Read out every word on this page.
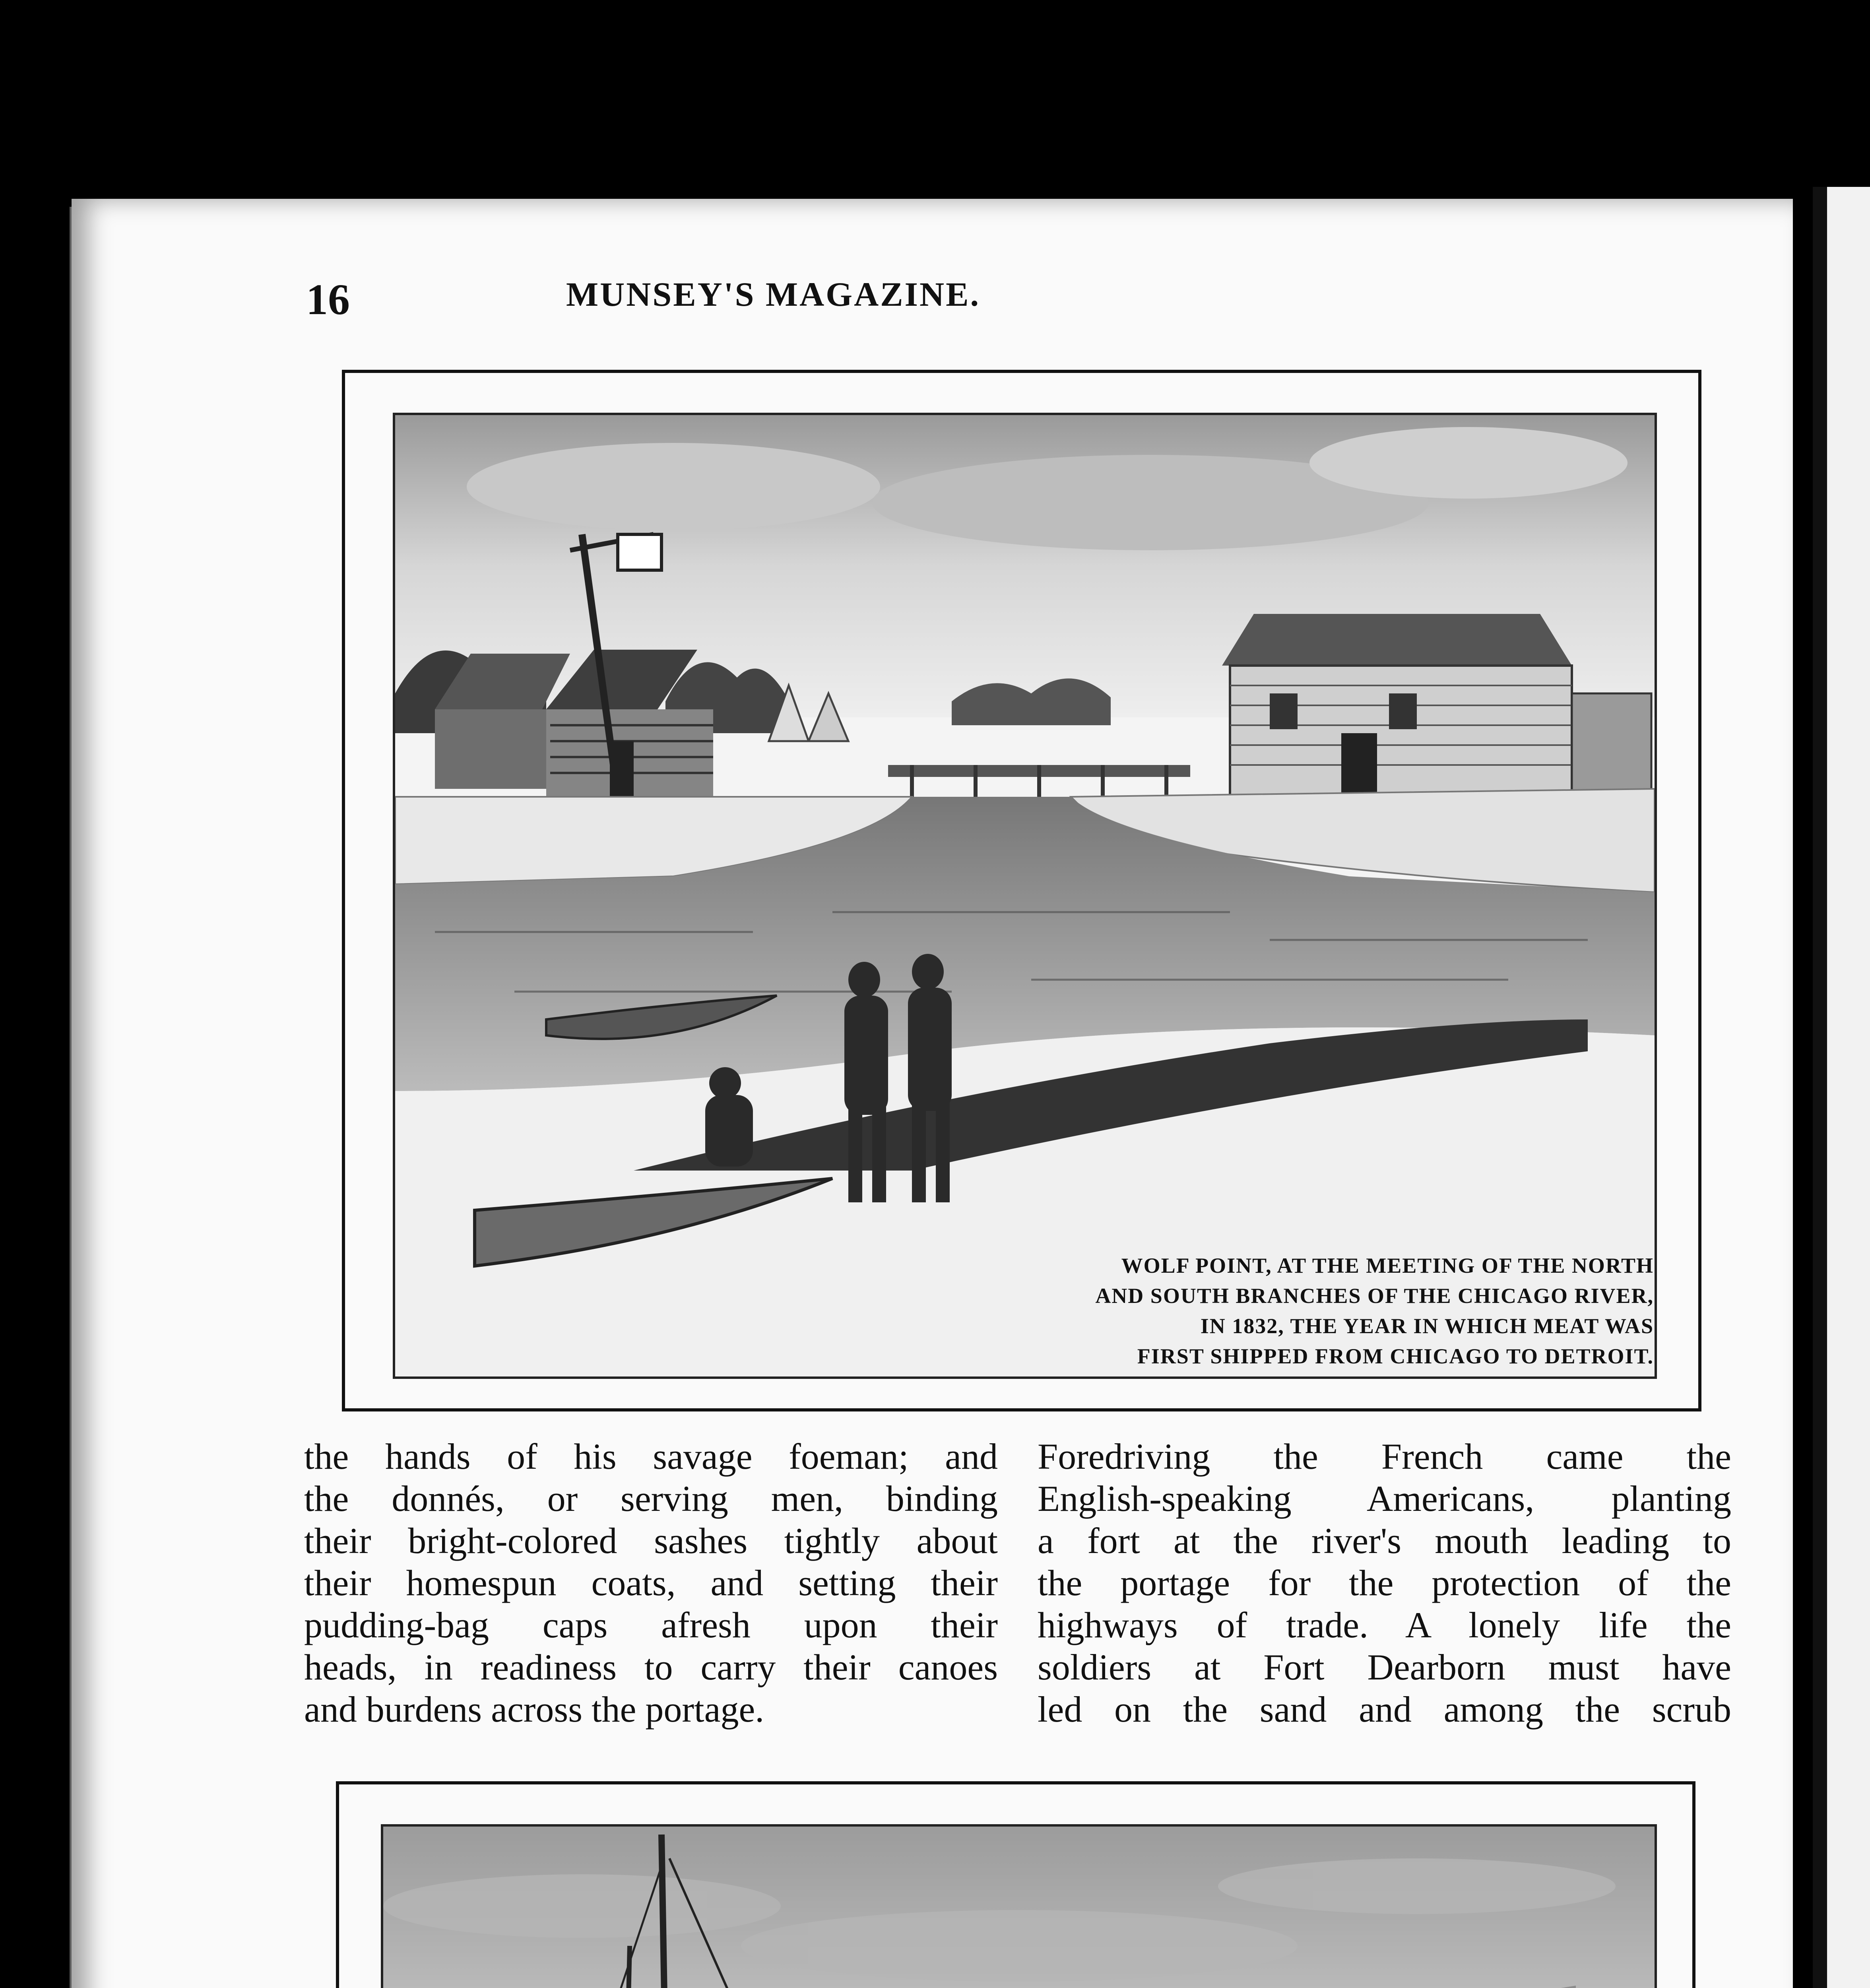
16	MUNSEY'S MAGAZINE.
WOLF POINT, AT THE MEETING OF THE NORTH
AND SOUTH BRANCHES OF THE CHICAGO RIVER,
IN 1832, THE YEAR IN WHICH MEAT WAS
FIRST SHIPPED FROM CHICAGO TO DETROIT.
the hands of his savage foeman; and
the donnés, or serving men, binding
their bright-colored sashes tightly about
their homespun coats, and setting their
pudding-bag caps afresh upon their
heads, in readiness to carry their canoes
and burdens across the portage.
Foredriving the French came the
English-speaking Americans, planting
a fort at the river's mouth leading to
the portage for the protection of the
highways of trade. A lonely life the
soldiers at Fort Dearborn must have
led on the sand and among the scrub
